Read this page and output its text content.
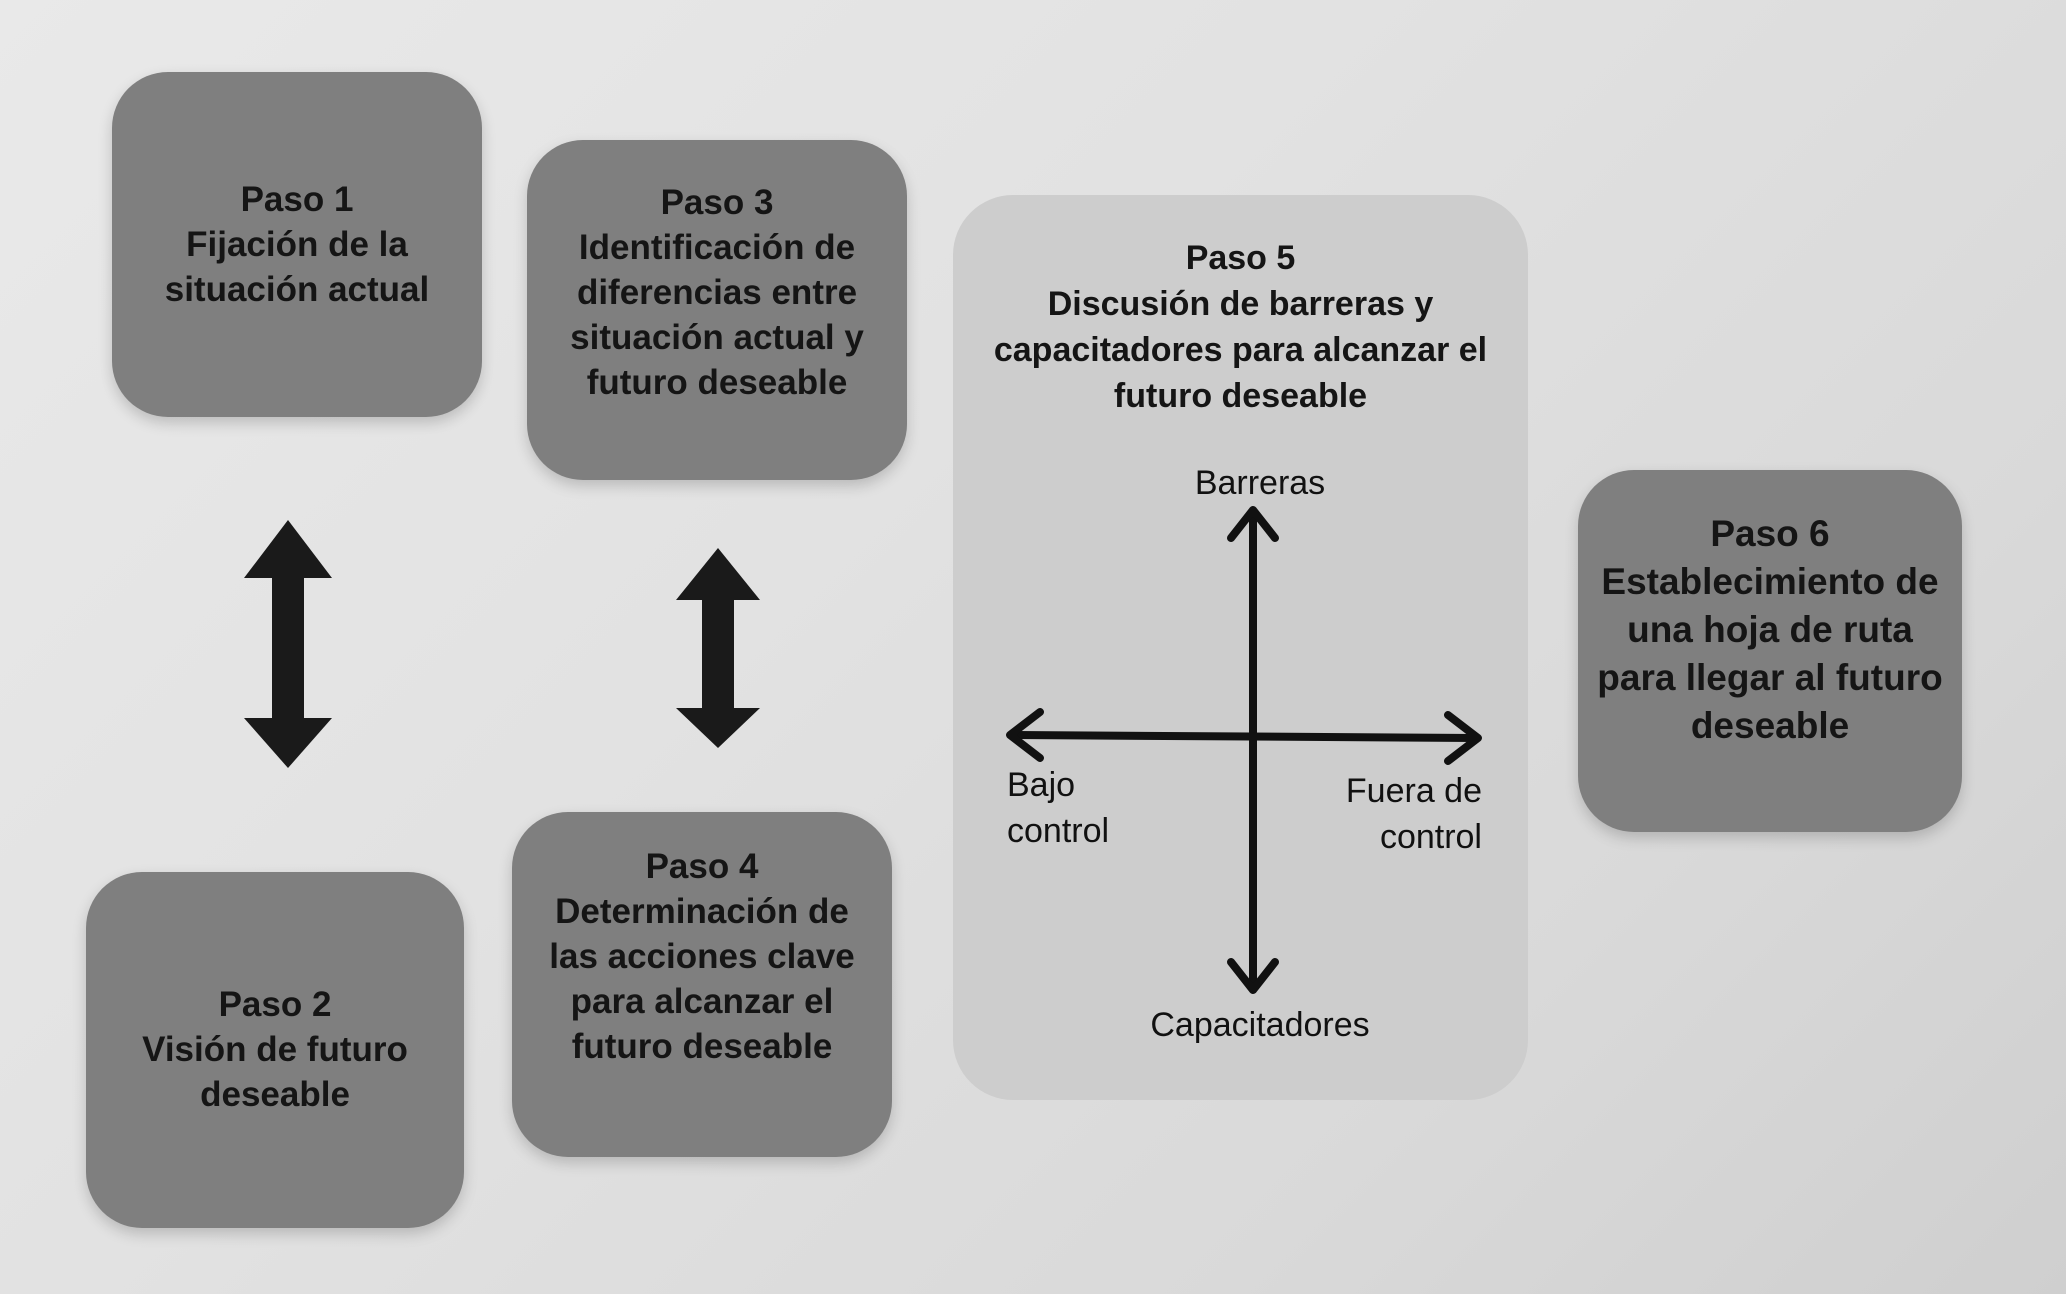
Paso 1
Fijación de la situación actual
Paso 3
Identificación de diferencias entre situación actual y futuro deseable
Paso 2
Visión de futuro deseable
Paso 4
Determinación de las acciones clave para alcanzar el futuro deseable
Paso 5
Discusión de barreras y capacitadores para alcanzar el futuro deseable
Paso 6
Establecimiento de una hoja de ruta para llegar al futuro deseable
Barreras
Capacitadores
Bajo control
Fuera de control
